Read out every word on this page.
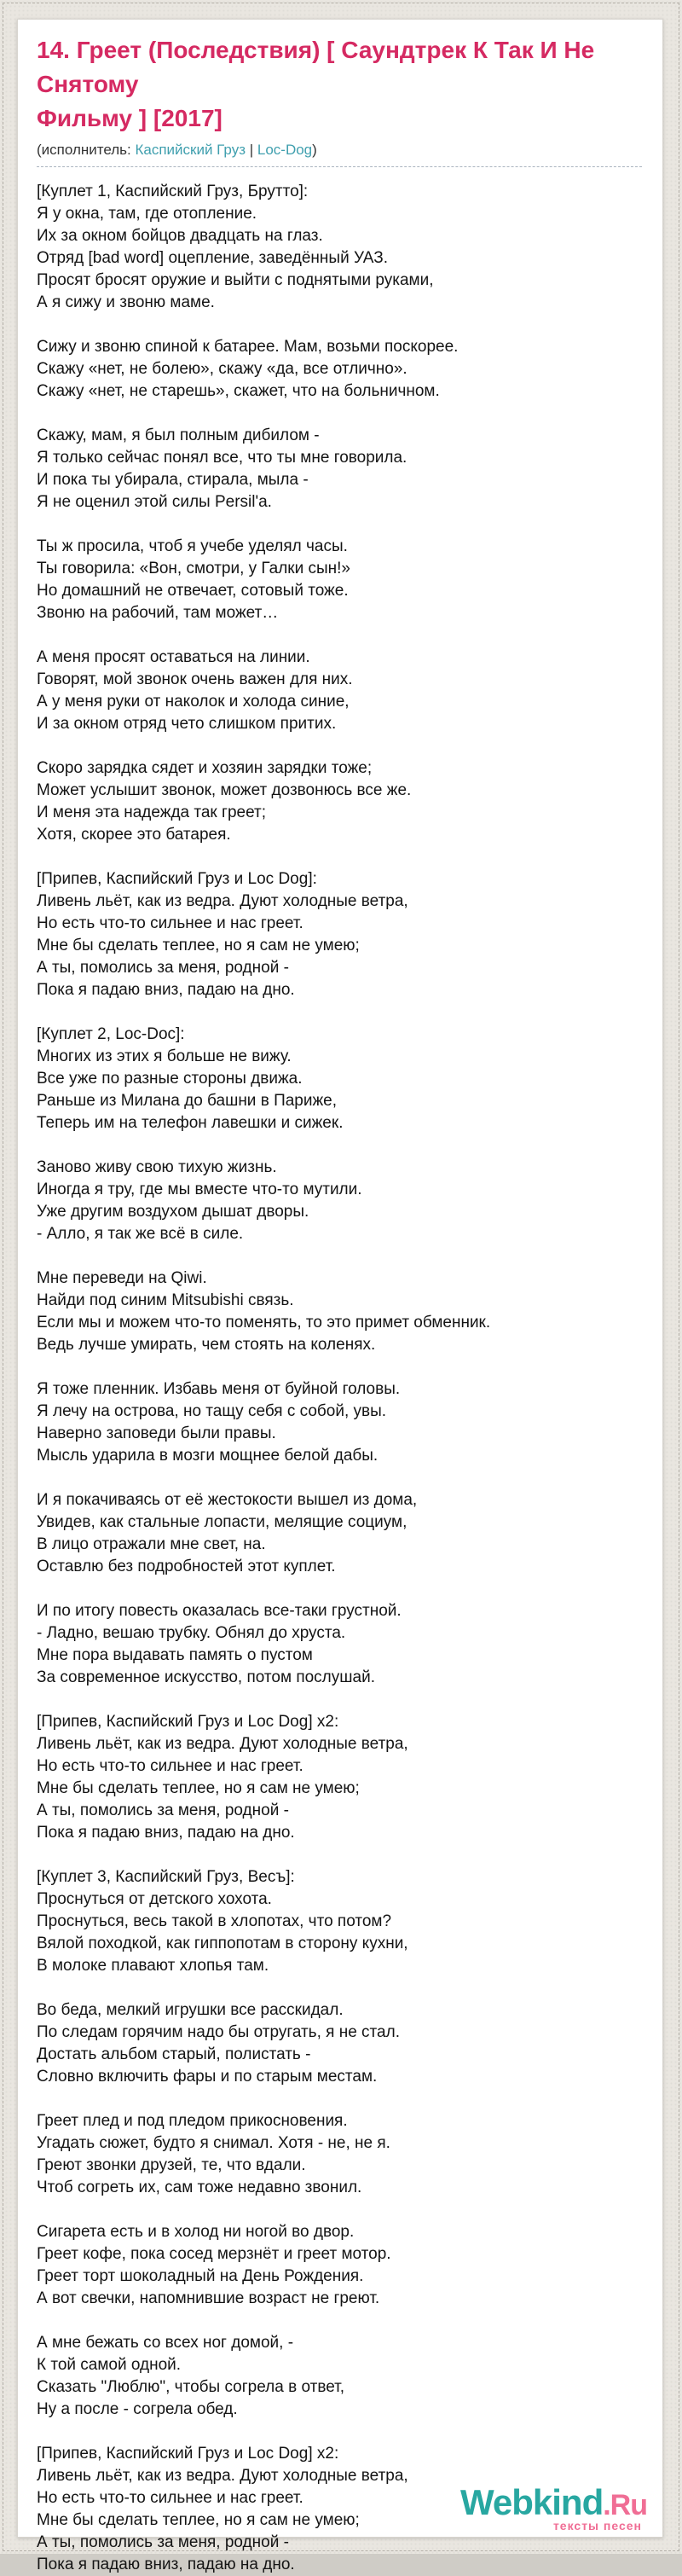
14. Греет (Последствия) [ Саундтрек К Так И Не Снятому
Фильму ] [2017]
(исполнитель: Каспийский Груз | Loc-Dog)

[Куплет 1, Каспийский Груз, Брутто]:
Я у окна, там, где отопление.
Их за окном бойцов двадцать на глаз.
Отряд [bad word] оцепление, заведённый УАЗ.
Просят бросят оружие и выйти с поднятыми руками,
А я сижу и звоню маме.

Сижу и звоню спиной к батарее. Мам, возьми поскорее.
Скажу «нет, не болею», скажу «да, все отлично».
Скажу «нет, не старешь», скажет, что на больничном.

Скажу, мам, я был полным дибилом -
Я только сейчас понял все, что ты мне говорила.
И пока ты убирала, стирала, мыла -
Я не оценил этой силы Persil'a.

Ты ж просила, чтоб я учебе уделял часы.
Ты говорила: «Вон, смотри, у Галки сын!»
Но домашний не отвечает, сотовый тоже.
Звоню на рабочий, там может…

А меня просят оставаться на линии.
Говорят, мой звонок очень важен для них.
А у меня руки от наколок и холода синие,
И за окном отряд чето слишком притих.

Скоро зарядка сядет и хозяин зарядки тоже;
Может услышит звонок, может дозвонюсь все же.
И меня эта надежда так греет;
Хотя, скорее это батарея.

[Припев, Каспийский Груз и Loc Dog]:
Ливень льёт, как из ведра. Дуют холодные ветра,
Но есть что-то сильнее и нас греет.
Мне бы сделать теплее, но я сам не умею;
А ты, помолись за меня, родной -
Пока я падаю вниз, падаю на дно.

[Куплет 2, Loc-Doc]:
Многих из этих я больше не вижу.
Все уже по разные стороны движа.
Раньше из Милана до башни в Париже,
Теперь им на телефон лавешки и сижек.

Заново живу свою тихую жизнь.
Иногда я тру, где мы вместе что-то мутили.
Уже другим воздухом дышат дворы.
- Алло, я так же всё в силе.

Мне переведи на Qiwi.
Найди под синим Mitsubishi связь.
Если мы и можем что-то поменять, то это примет обменник.
Ведь лучше умирать, чем стоять на коленях.

Я тоже пленник. Избавь меня от буйной головы.
Я лечу на острова, но тащу себя с собой, увы.
Наверно заповеди были правы.
Мысль ударила в мозги мощнее белой дабы.

И я покачиваясь от её жестокости вышел из дома,
Увидев, как стальные лопасти, мелящие социум,
В лицо отражали мне свет, на.
Оставлю без подробностей этот куплет.

И по итогу повесть оказалась все-таки грустной.
- Ладно, вешаю трубку. Обнял до хруста.
Мне пора выдавать память о пустом
За современное искусство, потом послушай.

[Припев, Каспийский Груз и Loc Dog] x2:
Ливень льёт, как из ведра. Дуют холодные ветра,
Но есть что-то сильнее и нас греет.
Мне бы сделать теплее, но я сам не умею;
А ты, помолись за меня, родной -
Пока я падаю вниз, падаю на дно.

[Куплет 3, Каспийский Груз, Весъ]:
Проснуться от детского хохота.
Проснуться, весь такой в хлопотах, что потом?
Вялой походкой, как гиппопотам в сторону кухни,
В молоке плавают хлопья там.

Во беда, мелкий игрушки все расскидал.
По следам горячим надо бы отругать, я не стал.
Достать альбом старый, полистать -
Словно включить фары и по старым местам.

Греет плед и под пледом прикосновения.
Угадать сюжет, будто я снимал. Хотя - не, не я.
Греют звонки друзей, те, что вдали.
Чтоб согреть их, сам тоже недавно звонил.

Сигарета есть и в холод ни ногой во двор.
Греет кофе, пока сосед мерзнёт и греет мотор.
Греет торт шоколадный на День Рождения.
А вот свечки, напомнившие возраст не греют.

А мне бежать со всех ног домой, -
К той самой одной.
Сказать "Люблю", чтобы согрела в ответ,
Ну а после - согрела обед.

[Припев, Каспийский Груз и Loc Dog] x2:
Ливень льёт, как из ведра. Дуют холодные ветра,
Но есть что-то сильнее и нас греет.
Мне бы сделать теплее, но я сам не умею;
А ты, помолись за меня, родной -
Пока я падаю вниз, падаю на дно.

Webkind.Ru
тексты песен
